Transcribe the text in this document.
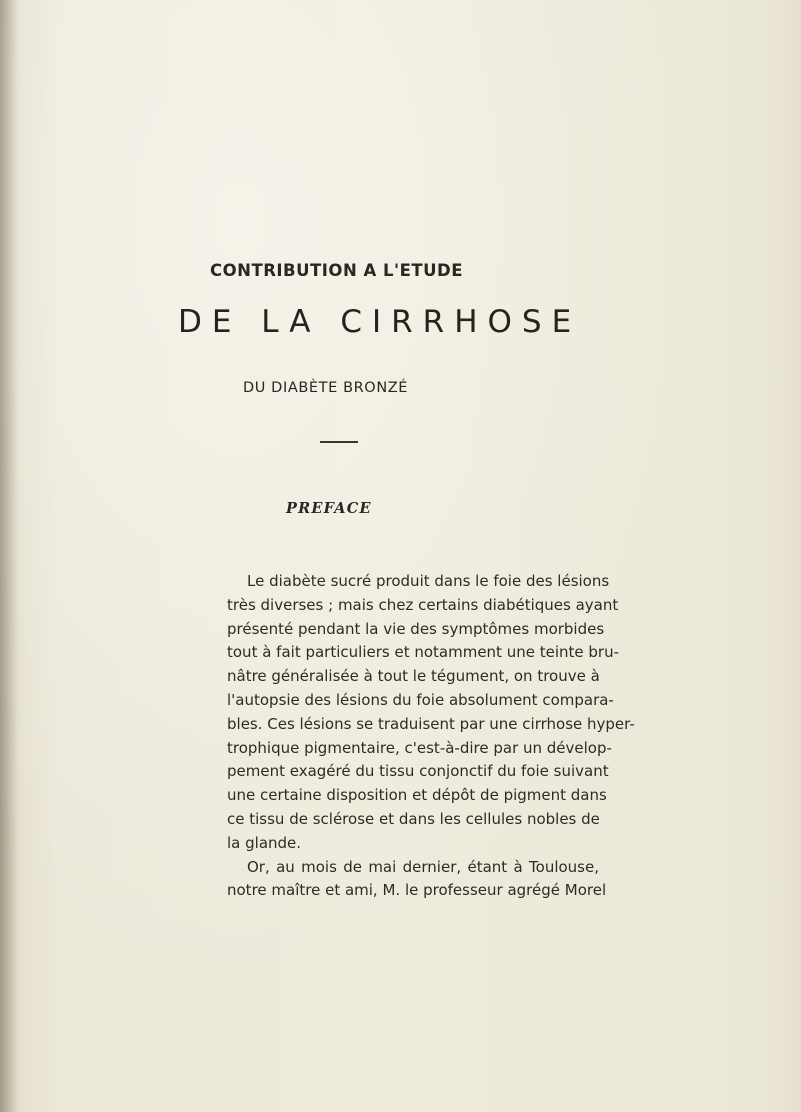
CONTRIBUTION A L'ETUDE
DE LA CIRRHOSE
DU DIABÈTE BRONZÉ
PREFACE
Le diabète sucré produit dans le foie des lésions
très diverses ; mais chez certains diabétiques ayant
présenté pendant la vie des symptômes morbides
tout à fait particuliers et notamment une teinte bru-
nâtre généralisée à tout le tégument, on trouve à
l'autopsie des lésions du foie absolument compara-
bles. Ces lésions se traduisent par une cirrhose hyper-
trophique pigmentaire, c'est-à-dire par un dévelop-
pement exagéré du tissu conjonctif du foie suivant
une certaine disposition et dépôt de pigment dans
ce tissu de sclérose et dans les cellules nobles de
la glande.
Or, au mois de mai dernier, étant à Toulouse,
notre maître et ami, M. le professeur agrégé Morel
